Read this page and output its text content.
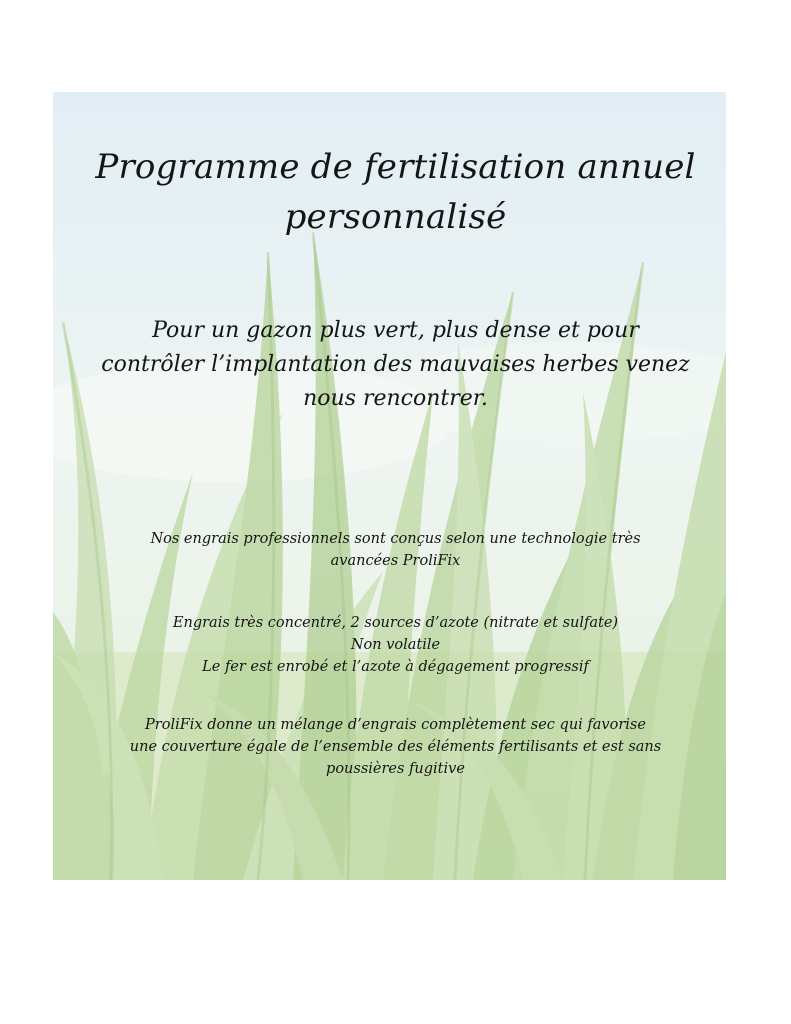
Programme de fertilisation annuel
personnalisé

Pour un gazon plus vert, plus dense et pour
contrôler l’implantation des mauvaises herbes venez
nous rencontrer.

Nos engrais professionnels sont conçus selon une technologie très
avancées ProliFix

Engrais très concentré, 2 sources d’azote (nitrate et sulfate)
Non volatile
Le fer est enrobé et l’azote à dégagement progressif

ProliFix donne un mélange d’engrais complètement sec qui favorise
une couverture égale de l’ensemble des éléments fertilisants et est sans
poussières fugitive
